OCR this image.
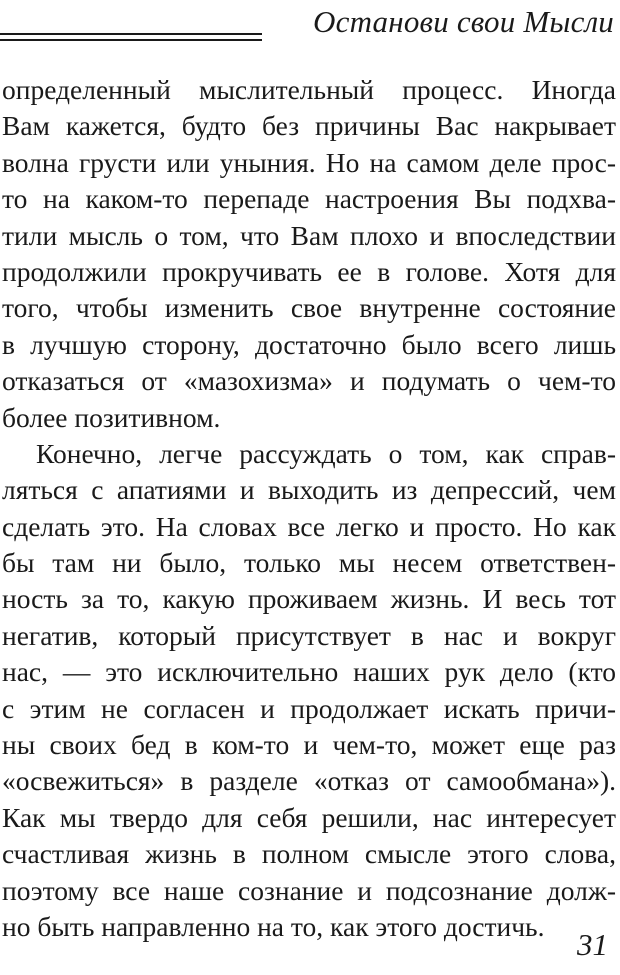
Останови свои Мысли
определенный мыслительный процесс. Иногда
Вам кажется, будто без причины Вас накрывает
волна грусти или уныния. Но на самом деле прос-
то на каком-то перепаде настроения Вы подхва-
тили мысль о том, что Вам плохо и впоследствии
продолжили прокручивать ее в голове. Хотя для
того, чтобы изменить свое внутренне состояние
в лучшую сторону, достаточно было всего лишь
отказаться от «мазохизма» и подумать о чем-то
более позитивном.
Конечно, легче рассуждать о том, как справ-
ляться с апатиями и выходить из депрессий, чем
сделать это. На словах все легко и просто. Но как
бы там ни было, только мы несем ответствен-
ность за то, какую проживаем жизнь. И весь тот
негатив, который присутствует в нас и вокруг
нас, — это исключительно наших рук дело (кто
с этим не согласен и продолжает искать причи-
ны своих бед в ком-то и чем-то, может еще раз
«освежиться» в разделе «отказ от самообмана»).
Как мы твердо для себя решили, нас интересует
счастливая жизнь в полном смысле этого слова,
поэтому все наше сознание и подсознание долж-
но быть направленно на то, как этого достичь.
31
